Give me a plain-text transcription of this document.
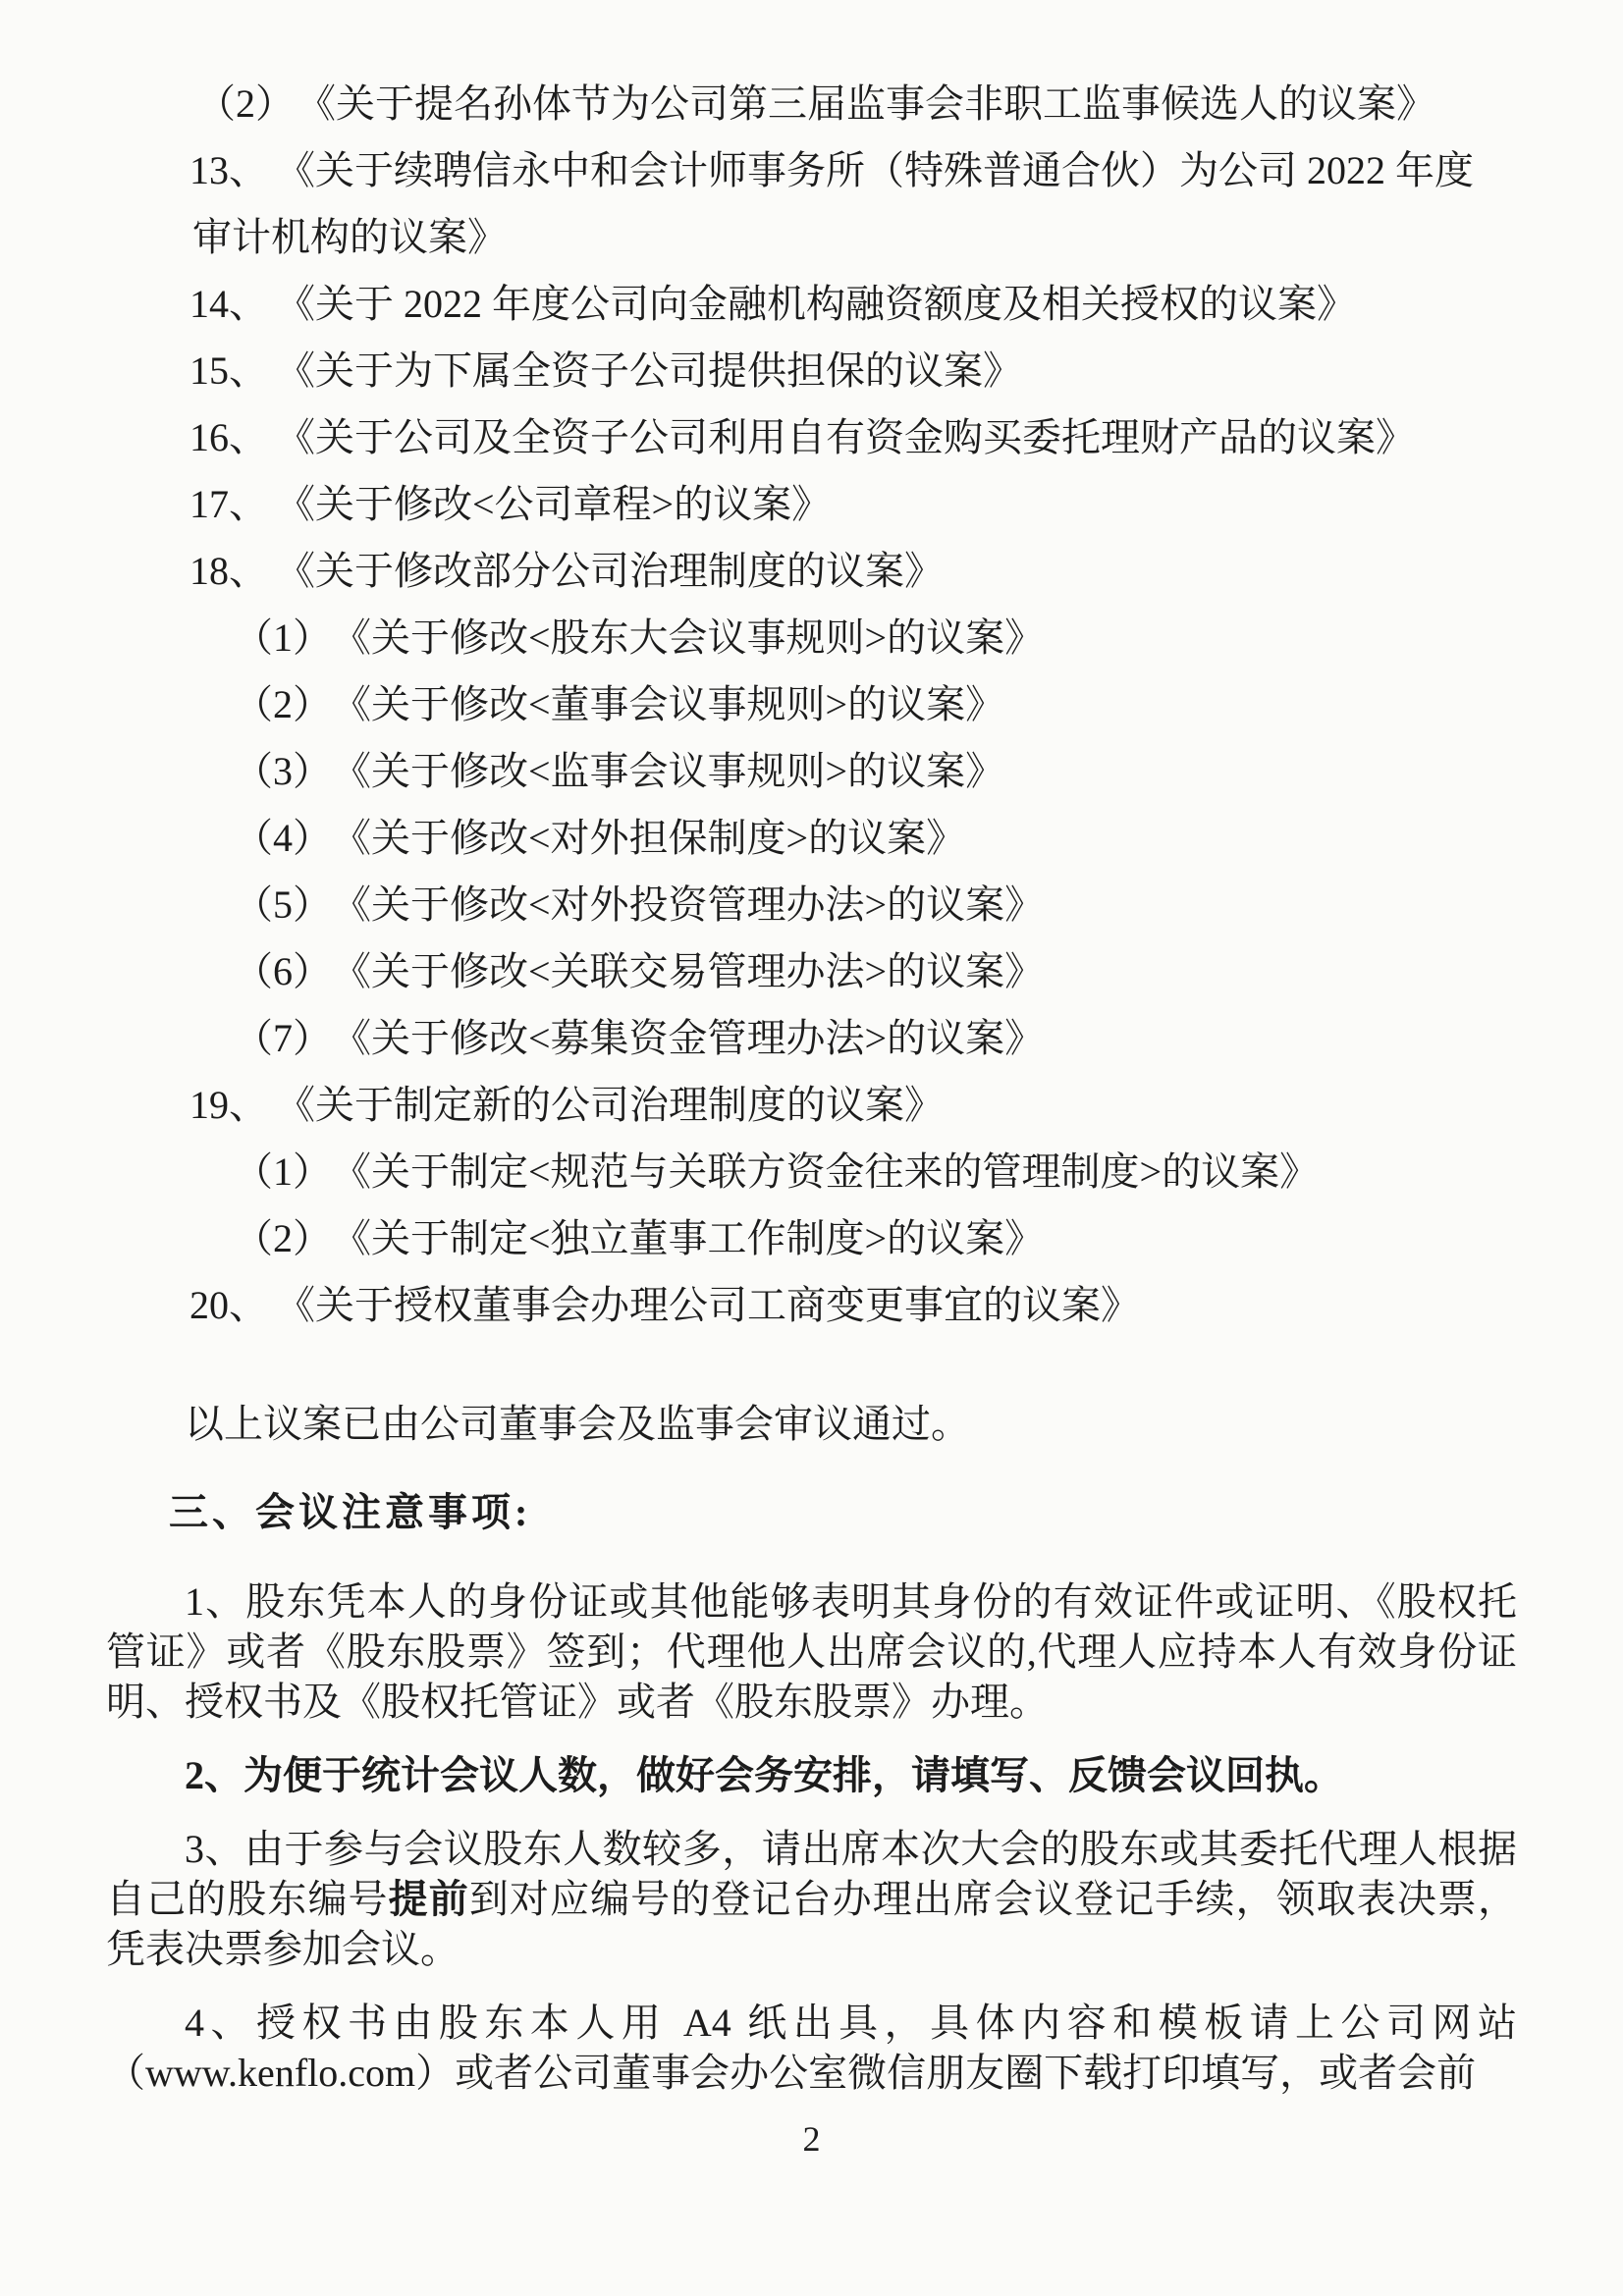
（2） 《关于提名孙体节为公司第三届监事会非职工监事候选人的议案》
13、 《关于续聘信永中和会计师事务所（特殊普通合伙）为公司 2022 年度
审计机构的议案》
14、 《关于 2022 年度公司向金融机构融资额度及相关授权的议案》
15、 《关于为下属全资子公司提供担保的议案》
16、 《关于公司及全资子公司利用自有资金购买委托理财产品的议案》
17、 《关于修改<公司章程>的议案》
18、 《关于修改部分公司治理制度的议案》
（1） 《关于修改<股东大会议事规则>的议案》
（2） 《关于修改<董事会议事规则>的议案》
（3） 《关于修改<监事会议事规则>的议案》
（4） 《关于修改<对外担保制度>的议案》
（5） 《关于修改<对外投资管理办法>的议案》
（6） 《关于修改<关联交易管理办法>的议案》
（7） 《关于修改<募集资金管理办法>的议案》
19、 《关于制定新的公司治理制度的议案》
（1） 《关于制定<规范与关联方资金往来的管理制度>的议案》
（2） 《关于制定<独立董事工作制度>的议案》
20、 《关于授权董事会办理公司工商变更事宜的议案》

以上议案已由公司董事会及监事会审议通过。

三、会议注意事项:

1、股东凭本人的身份证或其他能够表明其身份的有效证件或证明、《股权托管证》或者《股东股票》签到；代理他人出席会议的,代理人应持本人有效身份证明、授权书及《股权托管证》或者《股东股票》办理。

2、为便于统计会议人数，做好会务安排，请填写、反馈会议回执。

3、由于参与会议股东人数较多，请出席本次大会的股东或其委托代理人根据自己的股东编号提前到对应编号的登记台办理出席会议登记手续，领取表决票，凭表决票参加会议。

4、授权书由股东本人用 A4 纸出具，具体内容和模板请上公司网站（www.kenflo.com）或者公司董事会办公室微信朋友圈下载打印填写，或者会前

2
